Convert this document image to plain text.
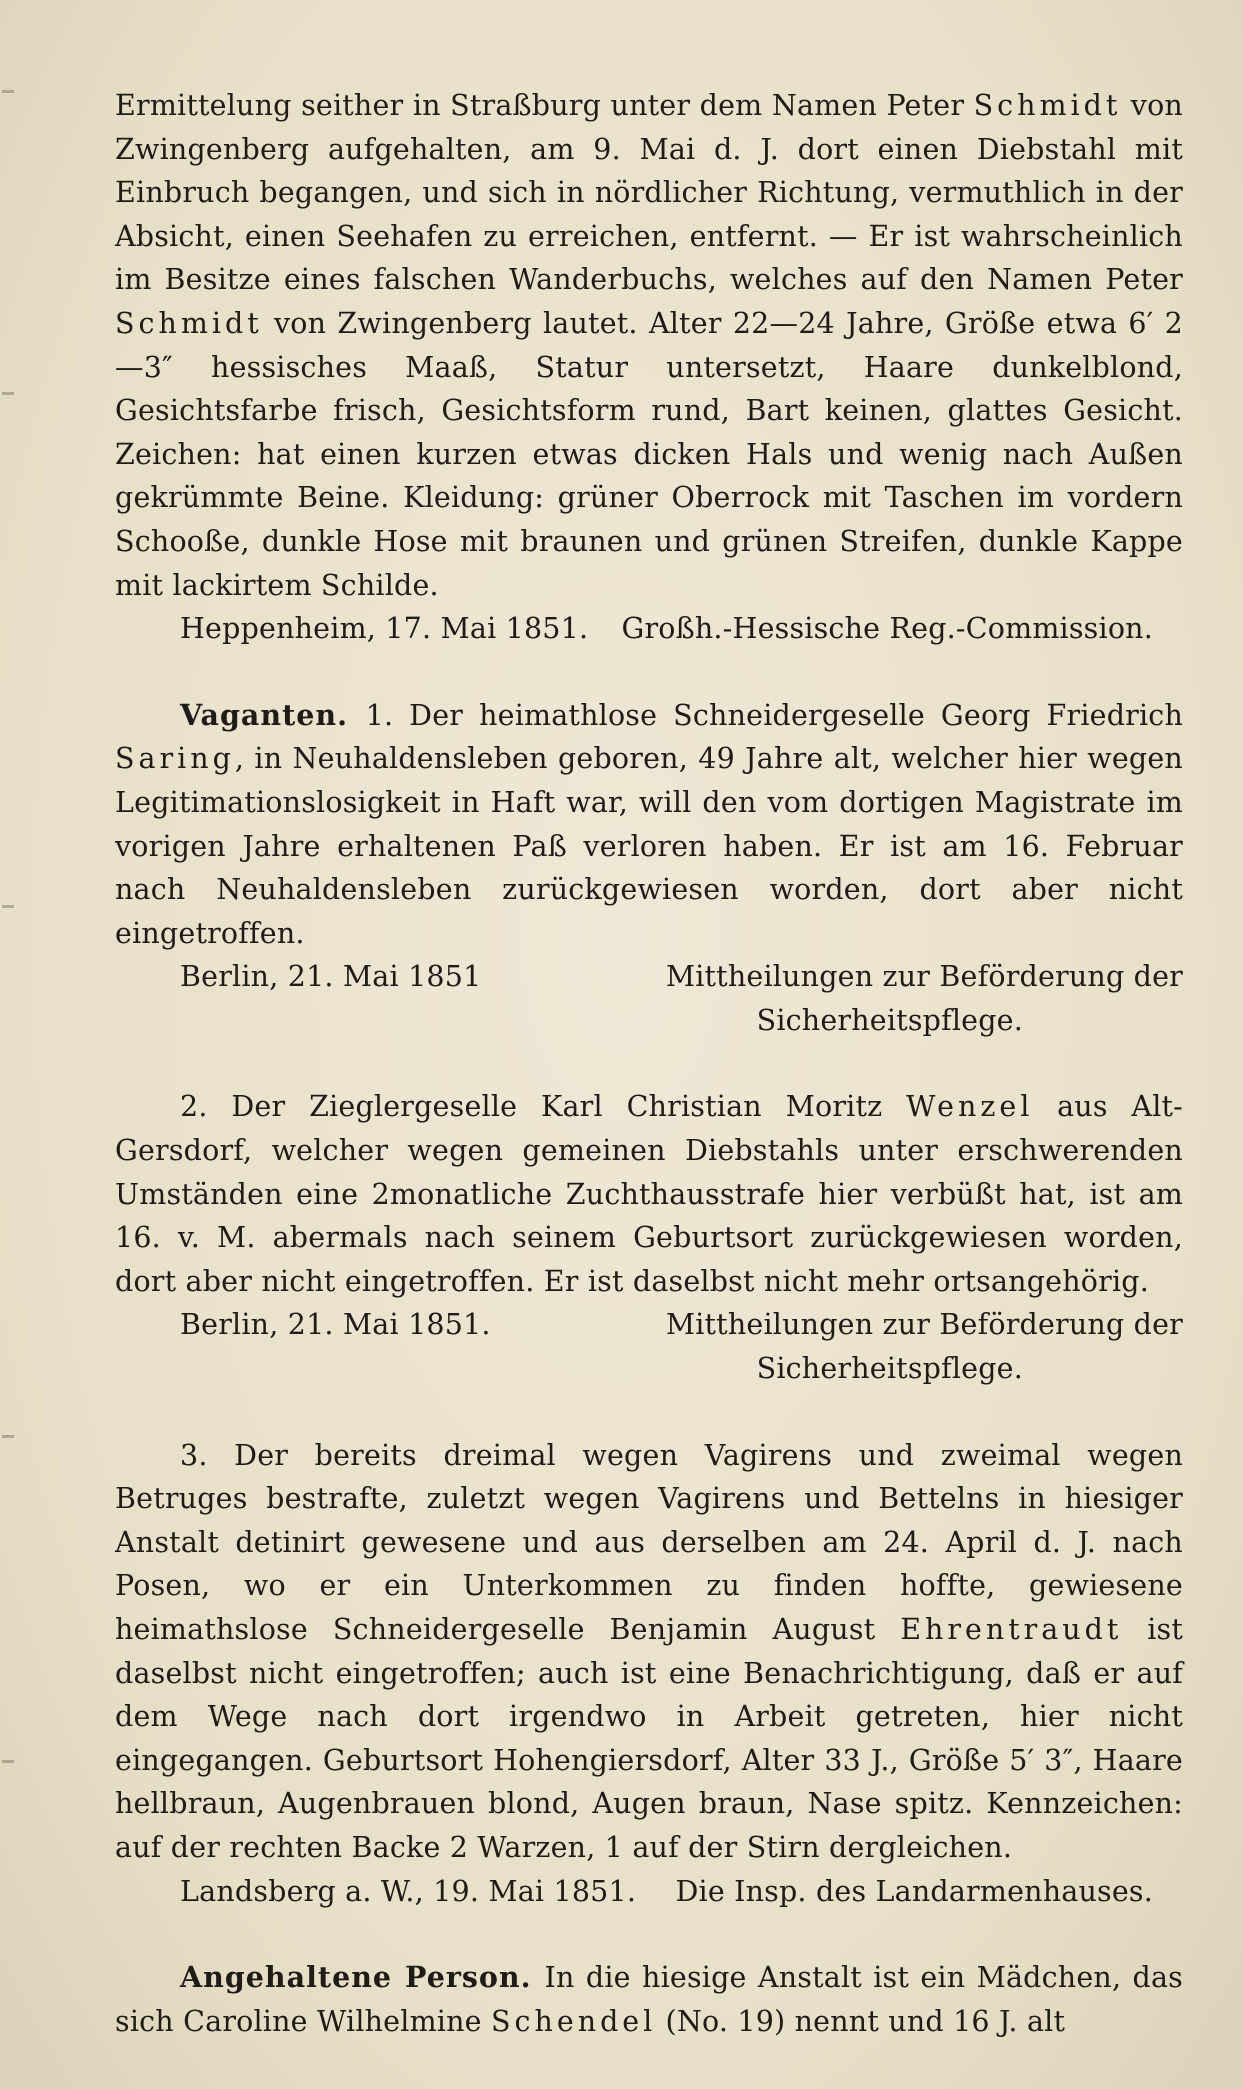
Ermittelung seither in Straßburg unter dem Namen Peter Schmidt von Zwingenberg aufgehalten, am 9. Mai d. J. dort einen Diebstahl mit Einbruch begangen, und sich in nördlicher Richtung, vermuthlich in der Absicht, einen Seehafen zu erreichen, entfernt. — Er ist wahrscheinlich im Besitze eines falschen Wanderbuchs, welches auf den Namen Peter Schmidt von Zwingenberg lautet. Alter 22—24 Jahre, Größe etwa 6′ 2—3″ hessisches Maaß, Statur untersetzt, Haare dunkelblond, Gesichtsfarbe frisch, Gesichtsform rund, Bart keinen, glattes Gesicht. Zeichen: hat einen kurzen etwas dicken Hals und wenig nach Außen gekrümmte Beine. Kleidung: grüner Oberrock mit Taschen im vordern Schooße, dunkle Hose mit braunen und grünen Streifen, dunkle Kappe mit lackirtem Schilde.

Heppenheim, 17. Mai 1851. Großh.-Hessische Reg.-Commission.

Vaganten. 1. Der heimathlose Schneidergeselle Georg Friedrich Saring, in Neuhaldensleben geboren, 49 Jahre alt, welcher hier wegen Legitimationslosigkeit in Haft war, will den vom dortigen Magistrate im vorigen Jahre erhaltenen Paß verloren haben. Er ist am 16. Februar nach Neuhaldensleben zurückgewiesen worden, dort aber nicht eingetroffen.

Berlin, 21. Mai 1851	Mittheilungen zur Beförderung der
Sicherheitspflege.

2. Der Zieglergeselle Karl Christian Moritz Wenzel aus Alt-Gersdorf, welcher wegen gemeinen Diebstahls unter erschwerenden Umständen eine 2monatliche Zuchthausstrafe hier verbüßt hat, ist am 16. v. M. abermals nach seinem Geburtsort zurückgewiesen worden, dort aber nicht eingetroffen. Er ist daselbst nicht mehr ortsangehörig.

Berlin, 21. Mai 1851.	Mittheilungen zur Beförderung der
Sicherheitspflege.

3. Der bereits dreimal wegen Vagirens und zweimal wegen Betruges bestrafte, zuletzt wegen Vagirens und Bettelns in hiesiger Anstalt detinirt gewesene und aus derselben am 24. April d. J. nach Posen, wo er ein Unterkommen zu finden hoffte, gewiesene heimathslose Schneidergeselle Benjamin August Ehrentraudt ist daselbst nicht eingetroffen; auch ist eine Benachrichtigung, daß er auf dem Wege nach dort irgendwo in Arbeit getreten, hier nicht eingegangen. Geburtsort Hohengiersdorf, Alter 33 J., Größe 5′ 3″, Haare hellbraun, Augenbrauen blond, Augen braun, Nase spitz. Kennzeichen: auf der rechten Backe 2 Warzen, 1 auf der Stirn dergleichen.

Landsberg a. W., 19. Mai 1851. Die Insp. des Landarmenhauses.

Angehaltene Person. In die hiesige Anstalt ist ein Mädchen, das sich Caroline Wilhelmine Schendel (No. 19) nennt und 16 J. alt
